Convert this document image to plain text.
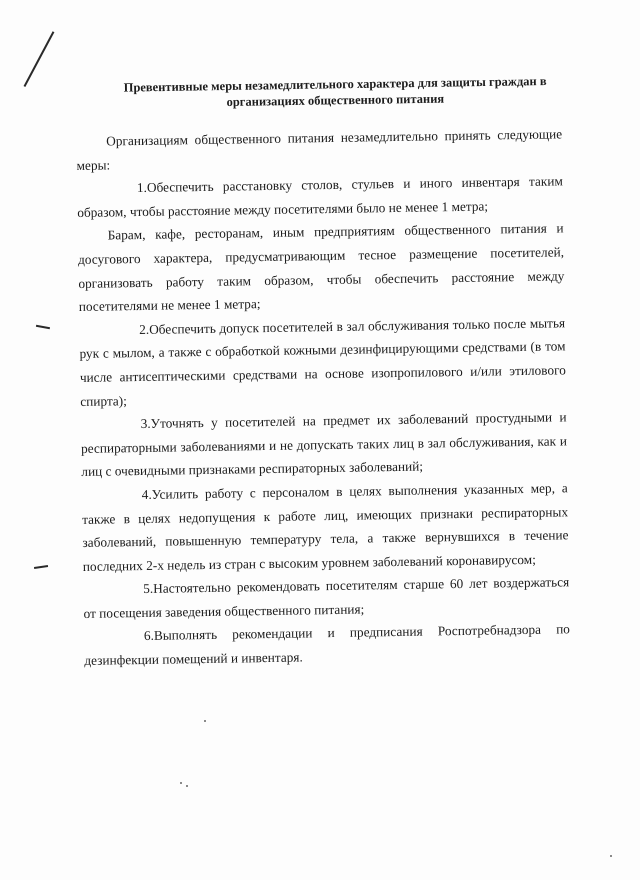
Превентивные меры незамедлительного характера для защиты граждан в
организациях общественного питания

Организациям общественного питания незамедлительно принять следующие меры:

1.Обеспечить расстановку столов, стульев и иного инвентаря таким образом, чтобы расстояние между посетителями было не менее 1 метра;

Барам, кафе, ресторанам, иным предприятиям общественного питания и досугового характера, предусматривающим тесное размещение посетителей, организовать работу таким образом, чтобы обеспечить расстояние между посетителями не менее 1 метра;

2.Обеспечить допуск посетителей в зал обслуживания только после мытья рук с мылом, а также с обработкой кожными дезинфицирующими средствами (в том числе антисептическими средствами на основе изопропилового и/или этилового спирта);

3.Уточнять у посетителей на предмет их заболеваний простудными и респираторными заболеваниями и не допускать таких лиц в зал обслуживания, как и лиц с очевидными признаками респираторных заболеваний;

4.Усилить работу с персоналом в целях выполнения указанных мер, а также в целях недопущения к работе лиц, имеющих признаки респираторных заболеваний, повышенную температуру тела, а также вернувшихся в течение последних 2-х недель из стран с высоким уровнем заболеваний коронавирусом;

5.Настоятельно рекомендовать посетителям старше 60 лет воздержаться от посещения заведения общественного питания;

6.Выполнять рекомендации и предписания Роспотребнадзора по дезинфекции помещений и инвентаря.
